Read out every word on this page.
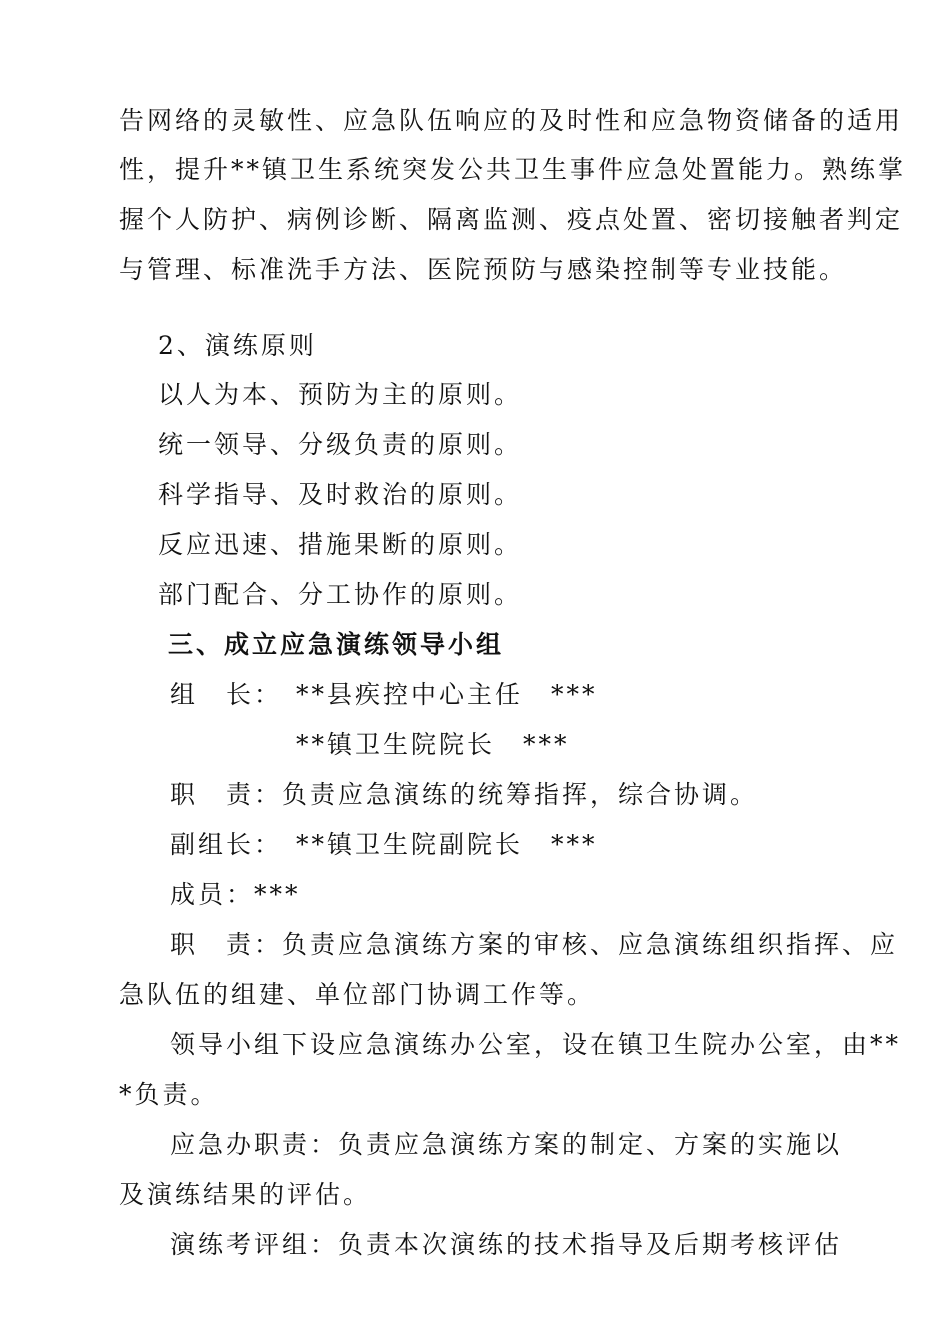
告网络的灵敏性、应急队伍响应的及时性和应急物资储备的适用

性，提升**镇卫生系统突发公共卫生事件应急处置能力。熟练掌

握个人防护、病例诊断、隔离监测、疫点处置、密切接触者判定

与管理、标准洗手方法、医院预防与感染控制等专业技能。

2、演练原则

以人为本、预防为主的原则。

统一领导、分级负责的原则。

科学指导、及时救治的原则。

反应迅速、措施果断的原则。

部门配合、分工协作的原则。

三、成立应急演练领导小组

组　长： **县疾控中心主任　***

**镇卫生院院长　***

职　责：负责应急演练的统筹指挥，综合协调。

副组长： **镇卫生院副院长　***

成员：***

职　责：负责应急演练方案的审核、应急演练组织指挥、应

急队伍的组建、单位部门协调工作等。

领导小组下设应急演练办公室，设在镇卫生院办公室，由**

*负责。

应急办职责：负责应急演练方案的制定、方案的实施以

及演练结果的评估。

演练考评组：负责本次演练的技术指导及后期考核评估
